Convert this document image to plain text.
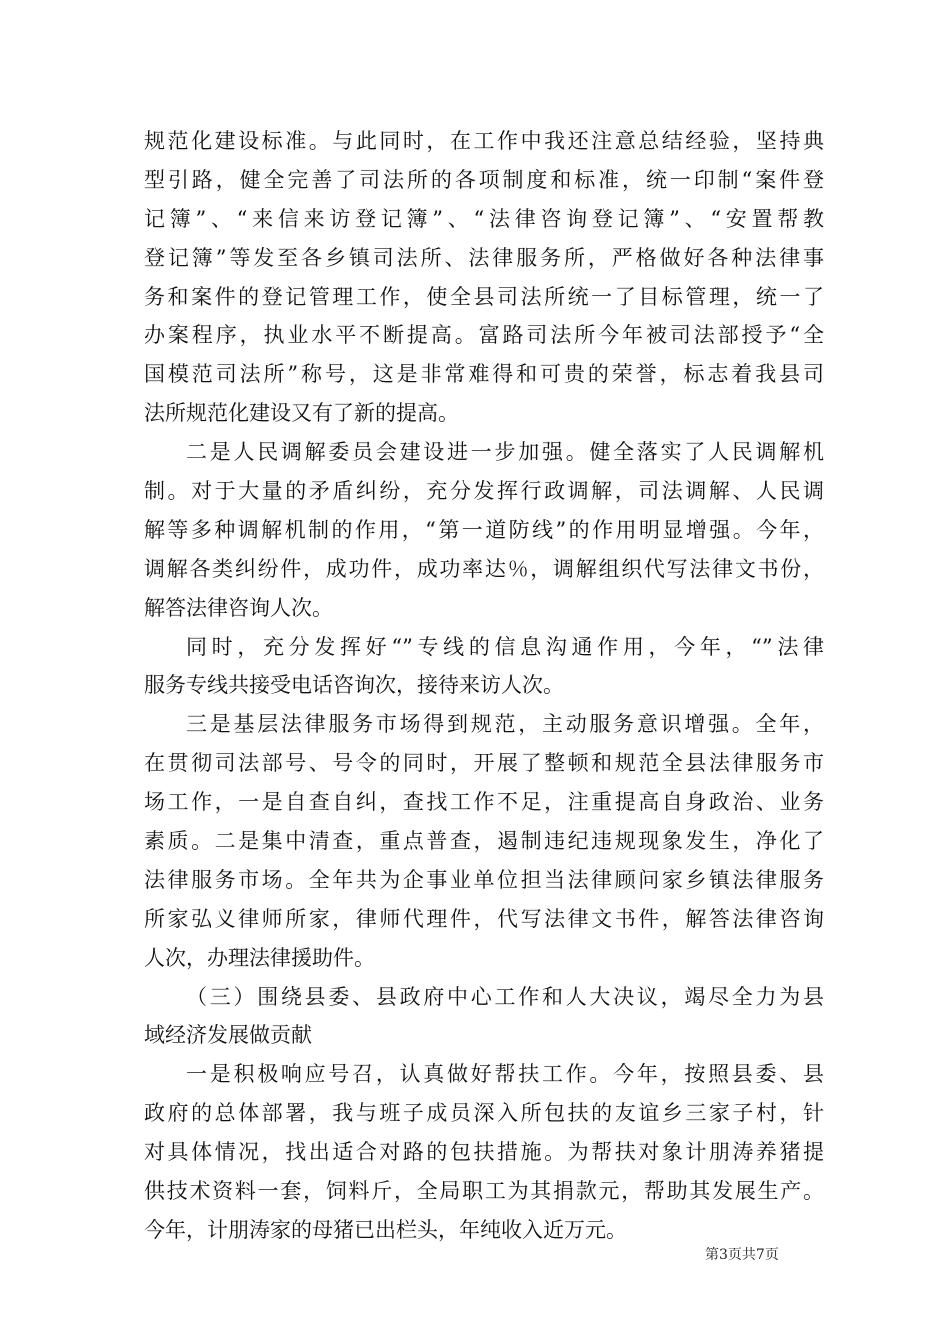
规范化建设标准。与此同时，在工作中我还注意总结经验，坚持典
型引路，健全完善了司法所的各项制度和标准，统一印制“案件登
记簿”、“来信来访登记簿”、“法律咨询登记簿”、“安置帮教
登记簿”等发至各乡镇司法所、法律服务所，严格做好各种法律事
务和案件的登记管理工作，使全县司法所统一了目标管理，统一了
办案程序，执业水平不断提高。富路司法所今年被司法部授予“全
国模范司法所”称号，这是非常难得和可贵的荣誉，标志着我县司
法所规范化建设又有了新的提高。
二是人民调解委员会建设进一步加强。健全落实了人民调解机
制。对于大量的矛盾纠纷，充分发挥行政调解，司法调解、人民调
解等多种调解机制的作用，“第一道防线”的作用明显增强。今年，
调解各类纠纷件，成功件，成功率达％，调解组织代写法律文书份，
解答法律咨询人次。
同时，充分发挥好“”专线的信息沟通作用，今年，“”法律
服务专线共接受电话咨询次，接待来访人次。
三是基层法律服务市场得到规范，主动服务意识增强。全年，
在贯彻司法部号、号令的同时，开展了整顿和规范全县法律服务市
场工作，一是自查自纠，查找工作不足，注重提高自身政治、业务
素质。二是集中清查，重点普查，遏制违纪违规现象发生，净化了
法律服务市场。全年共为企事业单位担当法律顾问家乡镇法律服务
所家弘义律师所家，律师代理件，代写法律文书件，解答法律咨询
人次，办理法律援助件。
（三）围绕县委、县政府中心工作和人大决议，竭尽全力为县
域经济发展做贡献
一是积极响应号召，认真做好帮扶工作。今年，按照县委、县
政府的总体部署，我与班子成员深入所包扶的友谊乡三家子村，针
对具体情况，找出适合对路的包扶措施。为帮扶对象计朋涛养猪提
供技术资料一套，饲料斤，全局职工为其捐款元，帮助其发展生产。
今年，计朋涛家的母猪已出栏头，年纯收入近万元。
第3页共7页
